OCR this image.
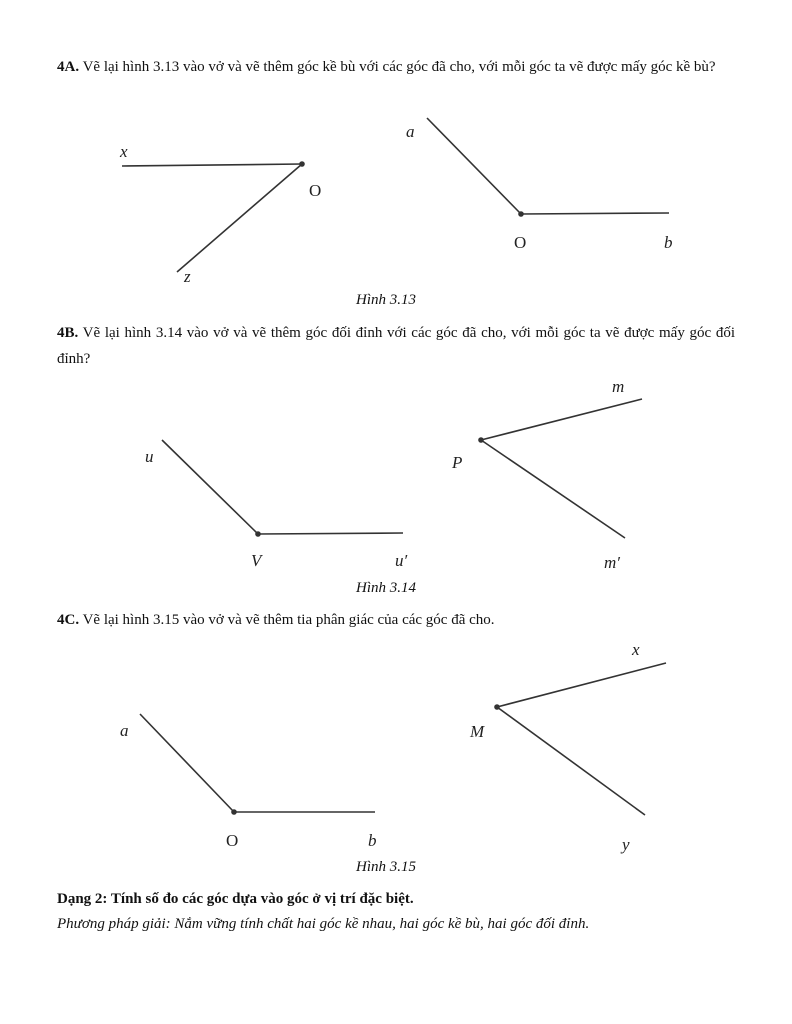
4A. Vẽ lại hình 3.13 vào vở và vẽ thêm góc kề bù với các góc đã cho, với mỗi góc ta vẽ được mấy góc kề bù?

x
O
z
a
O	b
u
V	u′
m
P
m′
a
O	b
x
M
y
Hình 3.13

4B. Vẽ lại hình 3.14 vào vở và vẽ thêm góc đối đỉnh với các góc đã cho, với mỗi góc ta vẽ được mấy góc đối đỉnh?

Hình 3.14

4C. Vẽ lại hình 3.15 vào vở và vẽ thêm tia phân giác của các góc đã cho.

Hình 3.15

Dạng 2: Tính số đo các góc dựa vào góc ở vị trí đặc biệt.

Phương pháp giải: Nắm vững tính chất hai góc kề nhau, hai góc kề bù, hai góc đối đỉnh.
